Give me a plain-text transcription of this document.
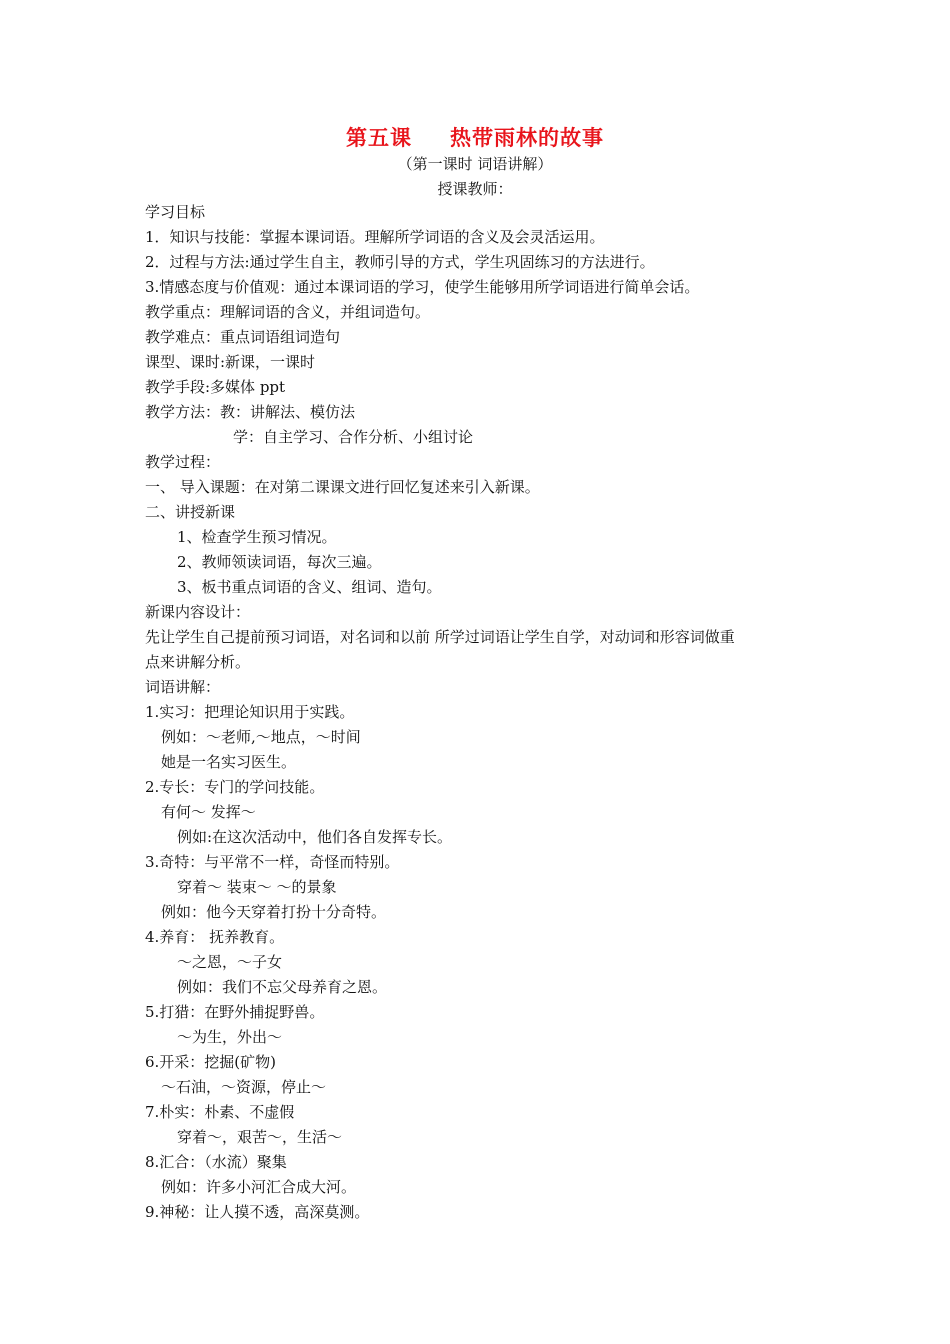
第五课 热带雨林的故事
（第一课时 词语讲解）
授课教师：
学习目标
1．知识与技能：掌握本课词语。理解所学词语的含义及会灵活运用。
2．过程与方法:通过学生自主，教师引导的方式，学生巩固练习的方法进行。
3.情感态度与价值观：通过本课词语的学习，使学生能够用所学词语进行简单会话。
教学重点：理解词语的含义，并组词造句。
教学难点：重点词语组词造句
课型、课时:新课，一课时
教学手段:多媒体 ppt
教学方法：教：讲解法、模仿法
学：自主学习、合作分析、小组讨论
教学过程：
一、 导入课题：在对第二课课文进行回忆复述来引入新课。
二、讲授新课
1、检查学生预习情况。
2、教师领读词语，每次三遍。
3、板书重点词语的含义、组词、造句。
新课内容设计：
先让学生自己提前预习词语，对名词和以前 所学过词语让学生自学，对动词和形容词做重
点来讲解分析。
词语讲解：
1.实习：把理论知识用于实践。
例如：～老师,～地点，～时间
她是一名实习医生。
2.专长：专门的学问技能。
有何～ 发挥～
例如:在这次活动中，他们各自发挥专长。
3.奇特：与平常不一样，奇怪而特别。
穿着～ 装束～ ～的景象
例如：他今天穿着打扮十分奇特。
4.养育： 抚养教育。
～之恩，～子女
例如：我们不忘父母养育之恩。
5.打猎：在野外捕捉野兽。
～为生，外出～
6.开采：挖掘(矿物)
～石油，～资源，停止～
7.朴实：朴素、不虚假
穿着～，艰苦～，生活～
8.汇合：（水流）聚集
例如：许多小河汇合成大河。
9.神秘：让人摸不透，高深莫测。
